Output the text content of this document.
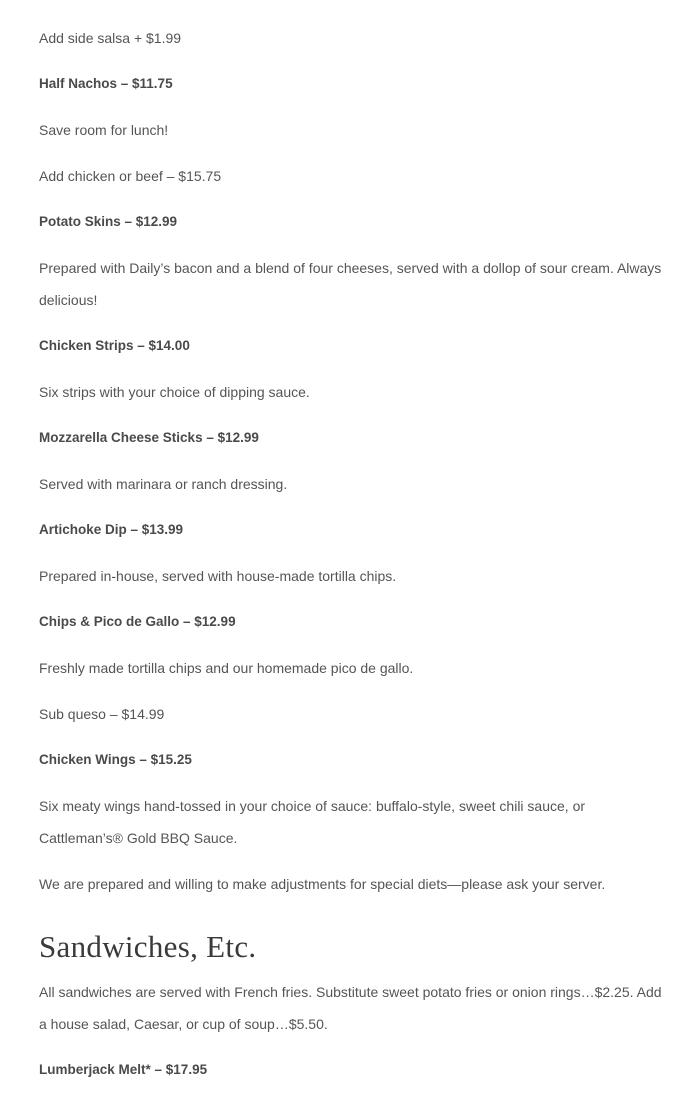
Add side salsa + $1.99
Half Nachos – $11.75
Save room for lunch!
Add chicken or beef – $15.75
Potato Skins – $12.99
Prepared with Daily’s bacon and a blend of four cheeses, served with a dollop of sour cream. Always delicious!
Chicken Strips – $14.00
Six strips with your choice of dipping sauce.
Mozzarella Cheese Sticks – $12.99
Served with marinara or ranch dressing.
Artichoke Dip – $13.99
Prepared in-house, served with house-made tortilla chips.
Chips & Pico de Gallo – $12.99
Freshly made tortilla chips and our homemade pico de gallo.
Sub queso – $14.99
Chicken Wings – $15.25
Six meaty wings hand-tossed in your choice of sauce: buffalo-style, sweet chili sauce, or Cattleman’s® Gold BBQ Sauce.
We are prepared and willing to make adjustments for special diets—please ask your server.
Sandwiches, Etc.
All sandwiches are served with French fries. Substitute sweet potato fries or onion rings…$2.25. Add a house salad, Caesar, or cup of soup…$5.50.
Lumberjack Melt* – $17.95
